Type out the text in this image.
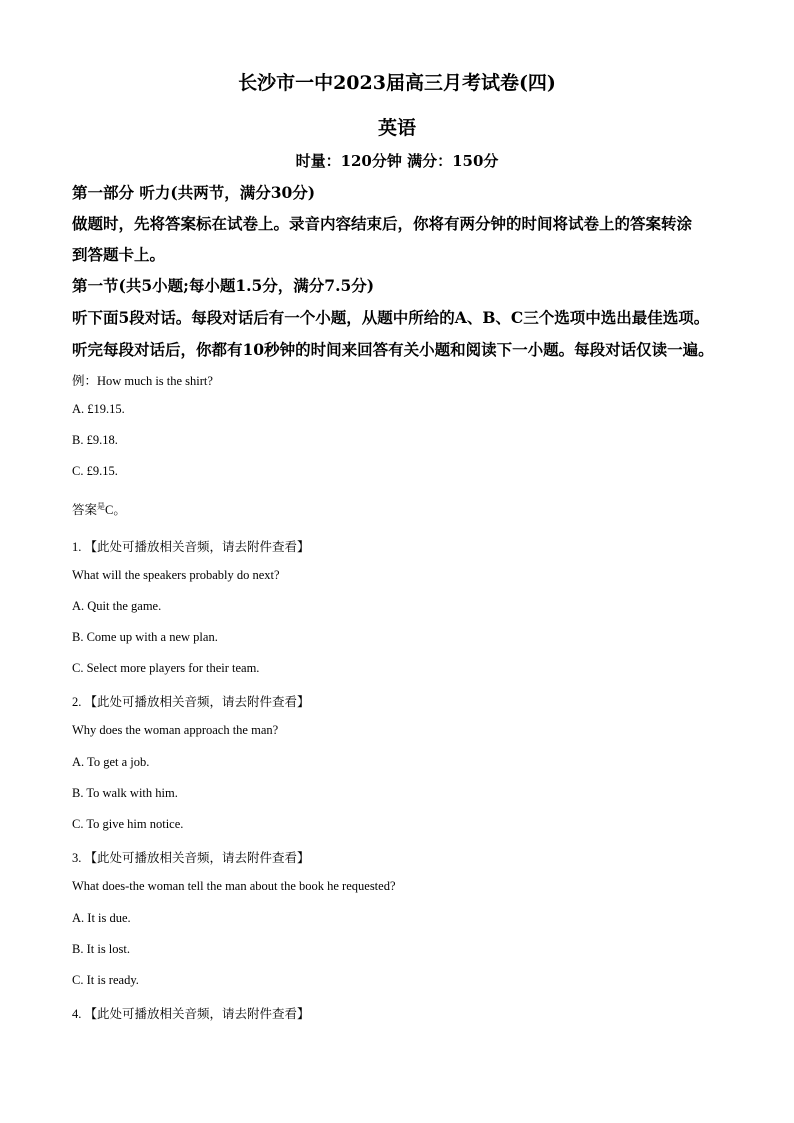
长沙市一中2023届高三月考试卷(四)
英语
时量：120分钟 满分：150分
第一部分 听力(共两节，满分30分)
做题时，先将答案标在试卷上。录音内容结束后，你将有两分钟的时间将试卷上的答案转涂
到答题卡上。
第一节(共5小题;每小题1.5分，满分7.5分)
听下面5段对话。每段对话后有一个小题，从题中所给的A、B、C三个选项中选出最佳选项。
听完每段对话后，你都有10秒钟的时间来回答有关小题和阅读下一小题。每段对话仅读一遍。
例：How much is the shirt?
A. £19.15.
B. £9.18.
C. £9.15.
答案$^是$C。
1. 【此处可播放相关音频，请去附件查看】
What will the speakers probably do next?
A. Quit the game.
B. Come up with a new plan.
C. Select more players for their team.
2. 【此处可播放相关音频，请去附件查看】
Why does the woman approach the man?
A. To get a job.
B. To walk with him.
C. To give him notice.
3. 【此处可播放相关音频，请去附件查看】
What does-the woman tell the man about the book he requested?
A. It is due.
B. It is lost.
C. It is ready.
4. 【此处可播放相关音频，请去附件查看】
